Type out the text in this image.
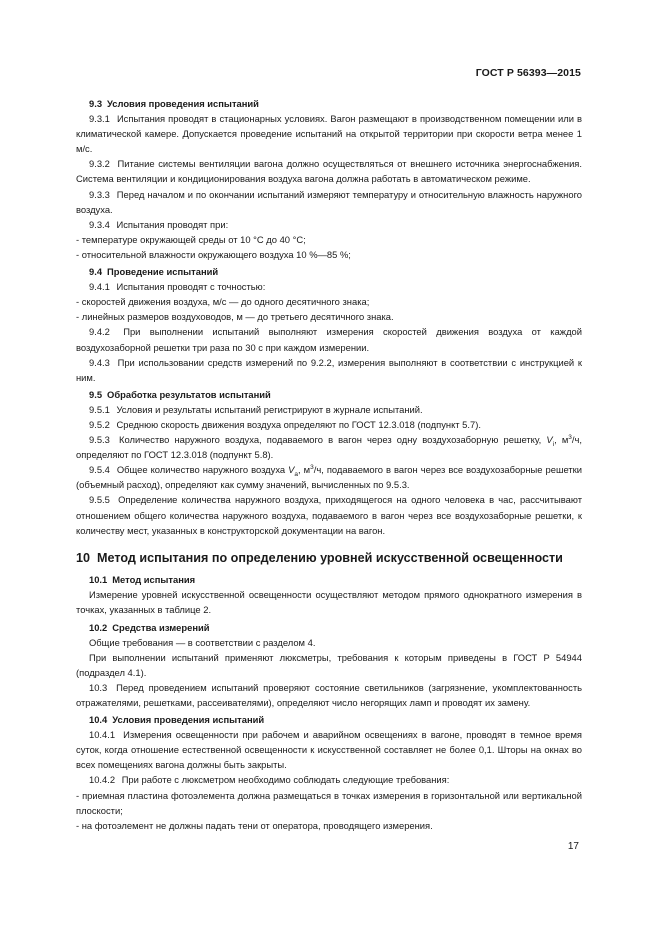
ГОСТ Р 56393—2015

9.3 Условия проведения испытаний

9.3.1 Испытания проводят в стационарных условиях. Вагон размещают в производственном помещении или в климатической камере. Допускается проведение испытаний на открытой территории при скорости ветра менее 1 м/с.

9.3.2 Питание системы вентиляции вагона должно осуществляться от внешнего источника энергоснабжения. Система вентиляции и кондиционирования воздуха вагона должна работать в автоматическом режиме.

9.3.3 Перед началом и по окончании испытаний измеряют температуру и относительную влажность наружного воздуха.

9.3.4 Испытания проводят при:

- температуре окружающей среды от 10 °С до 40 °С;

- относительной влажности окружающего воздуха 10 %—85 %;

9.4 Проведение испытаний

9.4.1 Испытания проводят с точностью:

- скоростей движения воздуха, м/с — до одного десятичного знака;

- линейных размеров воздуховодов, м — до третьего десятичного знака.

9.4.2 При выполнении испытаний выполняют измерения скоростей движения воздуха от каждой воздухозаборной решетки три раза по 30 с при каждом измерении.

9.4.3 При использовании средств измерений по 9.2.2, измерения выполняют в соответствии с инструкцией к ним.

9.5 Обработка результатов испытаний

9.5.1 Условия и результаты испытаний регистрируют в журнале испытаний.

9.5.2 Среднюю скорость движения воздуха определяют по ГОСТ 12.3.018 (подпункт 5.7).

9.5.3 Количество наружного воздуха, подаваемого в вагон через одну воздухозаборную решетку, $V_i$, $м^3/ч$, определяют по ГОСТ 12.3.018 (подпункт 5.8).

9.5.4 Общее количество наружного воздуха $V_a$, $м^3/ч$, подаваемого в вагон через все воздухозаборные решетки (объемный расход), определяют как сумму значений, вычисленных по 9.5.3.

9.5.5 Определение количества наружного воздуха, приходящегося на одного человека в час, рассчитывают отношением общего количества наружного воздуха, подаваемого в вагон через все воздухозаборные решетки, к количеству мест, указанных в конструкторской документации на вагон.

10 Метод испытания по определению уровней искусственной освещенности

10.1 Метод испытания

Измерение уровней искусственной освещенности осуществляют методом прямого однократного измерения в точках, указанных в таблице 2.

10.2 Средства измерений

Общие требования — в соответствии с разделом 4.

При выполнении испытаний применяют люксметры, требования к которым приведены в ГОСТ Р 54944 (подраздел 4.1).

10.3 Перед проведением испытаний проверяют состояние светильников (загрязнение, укомплектованность отражателями, решетками, рассеивателями), определяют число негорящих ламп и проводят их замену.

10.4 Условия проведения испытаний

10.4.1 Измерения освещенности при рабочем и аварийном освещениях в вагоне, проводят в темное время суток, когда отношение естественной освещенности к искусственной составляет не более 0,1. Шторы на окнах во всех помещениях вагона должны быть закрыты.

10.4.2 При работе с люксметром необходимо соблюдать следующие требования:

- приемная пластина фотоэлемента должна размещаться в точках измерения в горизонтальной или вертикальной плоскости;

- на фотоэлемент не должны падать тени от оператора, проводящего измерения.

17
